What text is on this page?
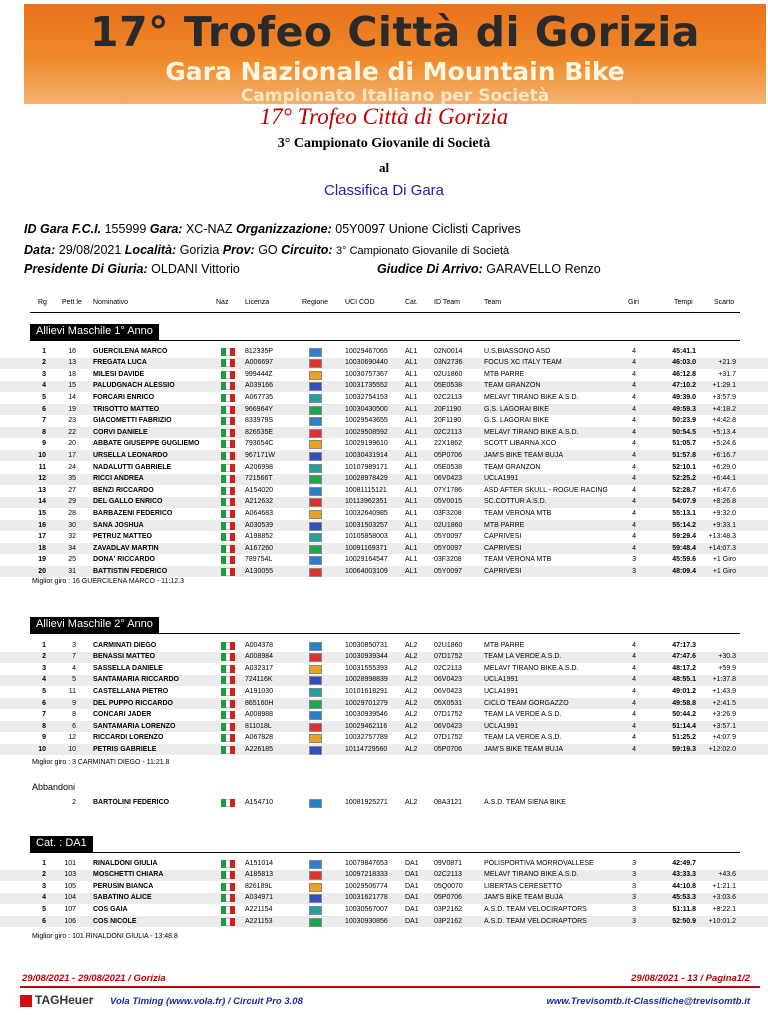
17° Trofeo Città di Gorizia
Gara Nazionale di Mountain Bike
Campionato Italiano per Società
17° Trofeo Città di Gorizia
3° Campionato Giovanile di Società
al
Classifica Di Gara
ID Gara F.C.I. 155999 Gara: XC-NAZ Organizzazione: 05Y0097 Unione Ciclisti Caprives
Data: 29/08/2021 Località: Gorizia Prov: GO Circuito: 3° Campionato Giovanile di Società
Presidente Di Giuria: OLDANI Vittorio	Giudice Di Arrivo: GARAVELLO Renzo
Rg Pett le Nominativo	Naz Licenza	Regione UCI COD	Cat. ID Team	Team	Giri	Tempi	Scarto
Allievi Maschile 1° Anno
1	16 GUERCILENA MARCO	812335P	10029467065	AL1	02N0014	U.S.BIASSONO ASD	4	45:41.1
2	13 FREGATA LUCA	A006697	10030690440	AL1	03N2736	FOCUS XC ITALY TEAM	4	46:03.0	+21.9
3	18 MILESI DAVIDE	999444Z	10030757367	AL1	02U1860	MTB PARRE	4	46:12.8	+31.7
4	15 PALUDGNACH ALESSIO	A039166	10031735552	AL1	05E0538	TEAM GRANZON	4	47:10.2	+1:29.1
5	14 FORCARI ENRICO	A067735	10032754153	AL1	02C2113	MELAVI' TIRANO BIKE A.S.D.	4	49:39.0	+3:57.9
6	19 TRISOTTO MATTEO	966964Y	10030430500	AL1	20F1190	G.S. LAGORAI BIKE	4	49:59.3	+4:18.2
7	23 GIACOMETTI FABRIZIO	833979S	10029543655	AL1	20F1190	G.S. LAGORAI BIKE	4	50:23.9	+4:42.8
8	22 CORVI DANIELE	826535E	10029508592	AL1	02C2113	MELAVI' TIRANO BIKE A.S.D.	4	50:54.5	+5:13.4
9	20 ABBATE GIUSEPPE GUGLIEMO	793654C	10029199610	AL1	22X1862	SCOTT LIBARNA XCO	4	51:05.7	+5:24.6
10	17 URSELLA LEONARDO	967171W	10030431914	AL1	05P0706	JAM'S BIKE TEAM BUJA	4	51:57.8	+6:16.7
11	24 NADALUTTI GABRIELE	A206998	10107989171	AL1	05E0538	TEAM GRANZON	4	52:10.1	+6:29.0
12	35 RICCI ANDREA	721566T	10028978429	AL1	06V0423	UCLA1991	4	52:25.2	+6:44.1
13	27 BENZI RICCARDO	A154020	10081115121	AL1	07Y1786	ASD AFTER SKULL - ROGUE RACING	4	52:28.7	+6:47.6
14	29 DEL GALLO ENRICO	A212632	10113962351	AL1	05V0015	SC.COTTUR A.S.D.	4	54:07.9	+8:26.8
15	28 BARBAZENI FEDERICO	A064683	10032640985	AL1	03F3208	TEAM VERONA MTB	4	55:13.1	+9:32.0
16	30 SANA JOSHUA	A030539	10031503257	AL1	02U1860	MTB PARRE	4	55:14.2	+9:33.1
17	32 PETRUZ MATTEO	A198852	10105858003	AL1	05Y0097	CAPRIVESI	4	59:29.4	+13:48.3
18	34 ZAVADLAV MARTIN	A167260	10091169371	AL1	05Y0097	CAPRIVESI	4	59:48.4	+14:07.3
19	25 DONA' RICCARDO	789754L	10029164547	AL1	03F3208	TEAM VERONA MTB	3	45:59.6	+1 Giro
20	31 BATTISTIN FEDERICO	A130055	10064003109	AL1	05Y0097	CAPRIVESI	3	48:09.4	+1 Giro
Miglior giro : 16 GUERCILENA MARCO - 11:12.3
Allievi Maschile 2° Anno
1	3 CARMINATI DIEGO	A004378	10030850731	AL2	02U1860	MTB PARRE	4	47:17.3
2	7 BENASSI MATTEO	A008984	10030939344	AL2	07D1752	TEAM LA VERDE A.S.D.	4	47:47.6	+30.3
3	4 SASSELLA DANIELE	A032317	10031555393	AL2	02C2113	MELAVI' TIRANO BIKE A.S.D.	4	48:17.2	+59.9
4	5 SANTAMARIA RICCARDO	724116K	10028998839	AL2	06V0423	UCLA1991	4	48:55.1	+1:37.8
5	11 CASTELLANA PIETRO	A191030	10101618291	AL2	06V0423	UCLA1991	4	49:01.2	+1:43.9
6	9 DEL PUPPO RICCARDO	865160H	10029701279	AL2	05X0531	CICLO TEAM GORGAZZO	4	49:58.8	+2:41.5
7	8 CONCARI JADER	A008988	10030939546	AL2	07D1752	TEAM LA VERDE A.S.D.	4	50:44.2	+3:26.9
8	6 SANTAMARIA LORENZO	811018L	10029462116	AL2	06V0423	UCLA1991	4	51:14.4	+3:57.1
9	12 RICCARDI LORENZO	A067828	10032757789	AL2	07D1752	TEAM LA VERDE A.S.D.	4	51:25.2	+4:07.9
10	10 PETRIS GABRIELE	A226185	10114729560	AL2	05P0706	JAM'S BIKE TEAM BUJA	4	59:19.3	+12:02.0
Miglior giro : 3 CARMINATI DIEGO - 11:21.8
Abbandoni
2 BARTOLINI FEDERICO	A154710	10081925271	AL2	08A3121	A.S.D. TEAM SIENA BIKE
Cat. : DA1
1	101 RINALDONI GIULIA	A151014	10079847653	DA1	09V0871	POLISPORTIVA MORROVALLESE	3	42:49.7
2	103 MOSCHETTI CHIARA	A185813	10097218333	DA1	02C2113	MELAVI' TIRANO BIKE A.S.D.	3	43:33.3	+43.6
3	105 PERUSIN BIANCA	826189L	10029506774	DA1	05Q0070	LIBERTAS CERESETTO	3	44:10.8	+1:21.1
4	104 SABATINO ALICE	A034971	10031621778	DA1	05P0706	JAM'S BIKE TEAM BUJA	3	45:53.3	+3:03.6
5	107 COS GAIA	A221154	10030567007	DA1	03P2162	A.S.D. TEAM VELOCIRAPTORS	3	51:11.8	+8:22.1
6	106 COS NICOLE	A221153	10030930856	DA1	03P2162	A.S.D. TEAM VELOCIRAPTORS	3	52:50.9	+10:01.2
Miglior giro : 101 RINALDONI GIULIA - 13:48.8
29/08/2021 - 29/08/2021 / Gorizia	29/08/2021 - 13 / Pagina1/2
TAGHeuer Vola Timing (www.vola.fr) / Circuit Pro 3.08	www.Trevisomtb.it-Classifiche@trevisomtb.it
